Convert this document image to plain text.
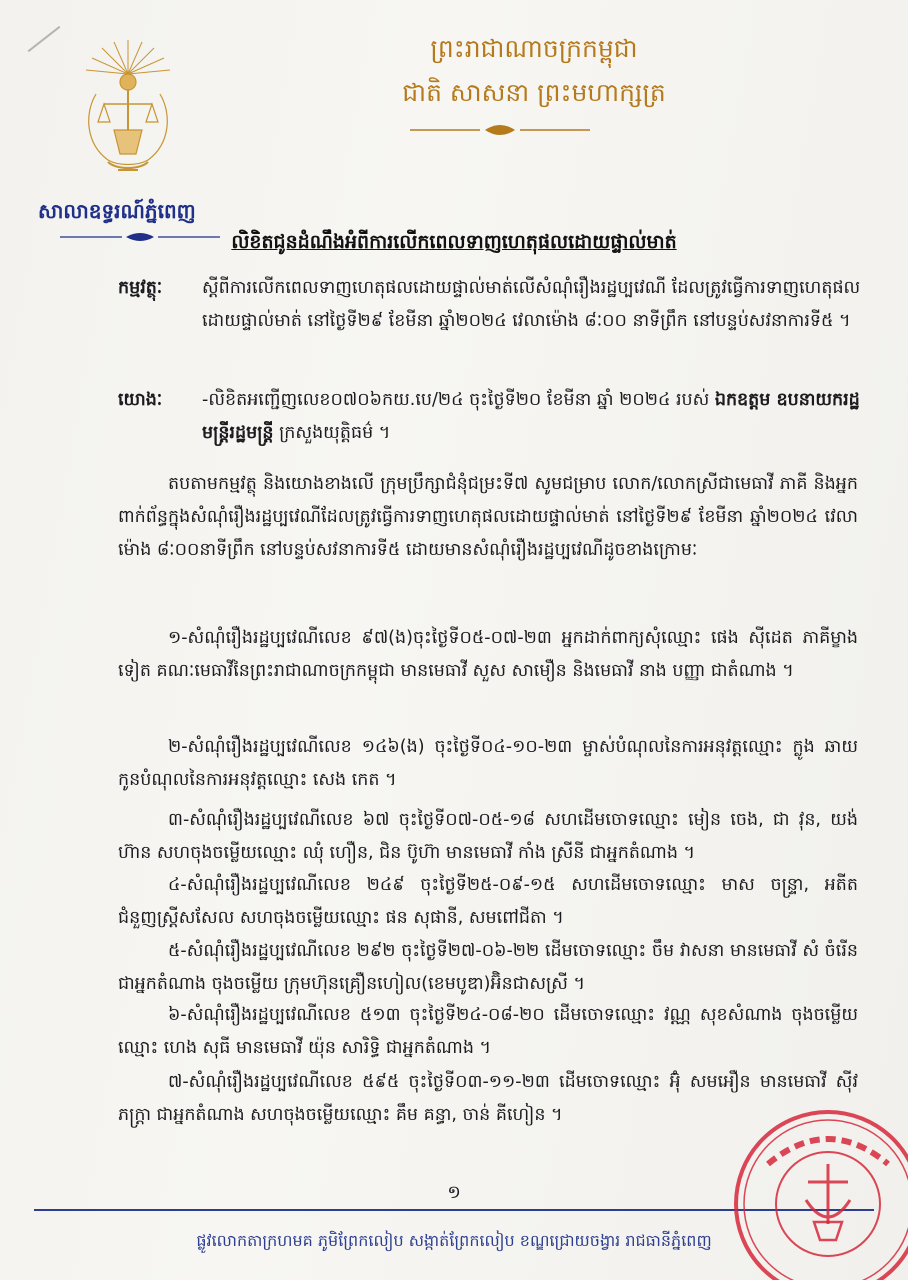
ព្រះរាជាណាចក្រកម្ពុជា
ជាតិ សាសនា ព្រះមហាក្សត្រ
សាលាឧទ្ធរណ៍ភ្នំពេញ
លិខិតជូនដំណឹងអំពីការលើកពេលទាញហេតុផលដោយផ្ទាល់មាត់
កម្មវត្ថុៈ ស្តីពីការលើកពេលទាញហេតុផលដោយផ្ទាល់មាត់លើសំណុំរឿងរដ្ឋប្បវេណី ដែលត្រូវធ្វើការទាញហេតុផលដោយផ្ទាល់មាត់ នៅថ្ងៃទី២៩ ខែមីនា ឆ្នាំ២០២៤ វេលាម៉ោង ៨ៈ០០ នាទីព្រឹក នៅបន្ទប់សវនាការទី៥ ។
យោងៈ -លិខិតអញ្ជើញលេខ០៧០៦កយ.បេ/២៤ ចុះថ្ងៃទី២០ ខែមីនា ឆ្នាំ ២០២៤ របស់ ឯកឧត្តម ឧបនាយករដ្ឋមន្ត្រីរដ្ឋមន្ត្រី ក្រសួងយុត្តិធម៌ ។
តបតាមកម្មវត្ថុ និងយោងខាងលើ ក្រុមប្រឹក្សាជំនុំជម្រះទី៧ សូមជម្រាប លោក/លោកស្រីជាមេធាវី ភាគី និងអ្នកពាក់ព័ន្ធក្នុងសំណុំរឿងរដ្ឋប្បវេណីដែលត្រូវធ្វើការទាញហេតុផលដោយផ្ទាល់មាត់ នៅថ្ងៃទី២៩ ខែមីនា ឆ្នាំ២០២៤ វេលាម៉ោង ៨ៈ០០នាទីព្រឹក នៅបន្ទប់សវនាការទី៥ ដោយមានសំណុំរឿងរដ្ឋប្បវេណីដូចខាងក្រោមៈ
១-សំណុំរឿងរដ្ឋប្បវេណីលេខ ៩៧(ង)ចុះថ្ងៃទី០៥-០៧-២៣ អ្នកដាក់ពាក្យសុំឈ្មោះ ផេង ស៊ីដេត ភាគីម្ខាងទៀត គណៈមេធាវីនៃព្រះរាជាណាចក្រកម្ពុជា មានមេធាវី សួស សាមឿន និងមេធាវី នាង បញ្ញា ជាតំណាង ។
២-សំណុំរឿងរដ្ឋប្បវេណីលេខ ១៤៦(ង) ចុះថ្ងៃទី០៤-១០-២៣ ម្ចាស់បំណុលនៃការអនុវត្តឈ្មោះ ក្លូង ឆាយ កូនបំណុលនៃការអនុវត្តឈ្មោះ សេង កេត ។
៣-សំណុំរឿងរដ្ឋប្បវេណីលេខ ៦៧ ចុះថ្ងៃទី០៧-០៥-១៨ សហដើមចោទឈ្មោះ មៀន ចេង, ជា វុន, យង់ ហ៊ាន សហចុងចម្លើយឈ្មោះ ឈុំ ហឿន, ជិន ប៊ូហ៊ា មានមេធាវី កាំង ស្រីនី ជាអ្នកតំណាង ។
៤-សំណុំរឿងរដ្ឋប្បវេណីលេខ ២៤៩ ចុះថ្ងៃទី២៥-០៩-១៥ សហដើមចោទឈ្មោះ មាស ចន្ទ្រា, អតីតជំនួញស្ដ្រីសសែល សហចុងចម្លើយឈ្មោះ ផន សុផានី, សមពៅជីតា ។
៥-សំណុំរឿងរដ្ឋប្បវេណីលេខ ២៩២ ចុះថ្ងៃទី២៧-០៦-២២ ដើមចោទឈ្មោះ ចឹម វាសនា មានមេធាវី សំ ចំរើន ជាអ្នកតំណាង ចុងចម្លើយ ក្រុមហ៊ុនគ្រឿនហៀល(ខេមបូឌា)អ៊ិនជាសស្រី ។
៦-សំណុំរឿងរដ្ឋប្បវេណីលេខ ៥១៣ ចុះថ្ងៃទី២៤-០៨-២០ ដើមចោទឈ្មោះ វណ្ណ សុខសំណាង ចុងចម្លើយឈ្មោះ ហេង សុធី មានមេធាវី យ៉ុន សារិទ្ធិ ជាអ្នកតំណាង ។
៧-សំណុំរឿងរដ្ឋប្បវេណីលេខ ៥៩៥ ចុះថ្ងៃទី០៣-១១-២៣ ដើមចោទឈ្មោះ អ៊ុំ សមអឿន មានមេធាវី ស៊ីវ ភក្ត្រា ជាអ្នកតំណាង សហចុងចម្លើយឈ្មោះ គឹម គន្ធា, ចាន់ គីហៀន ។
១
ផ្លូវលោកតាក្រហមគ ភូមិព្រែកលៀប សង្កាត់ព្រែកលៀប ខណ្ឌជ្រោយចង្វារ រាជធានីភ្នំពេញ
